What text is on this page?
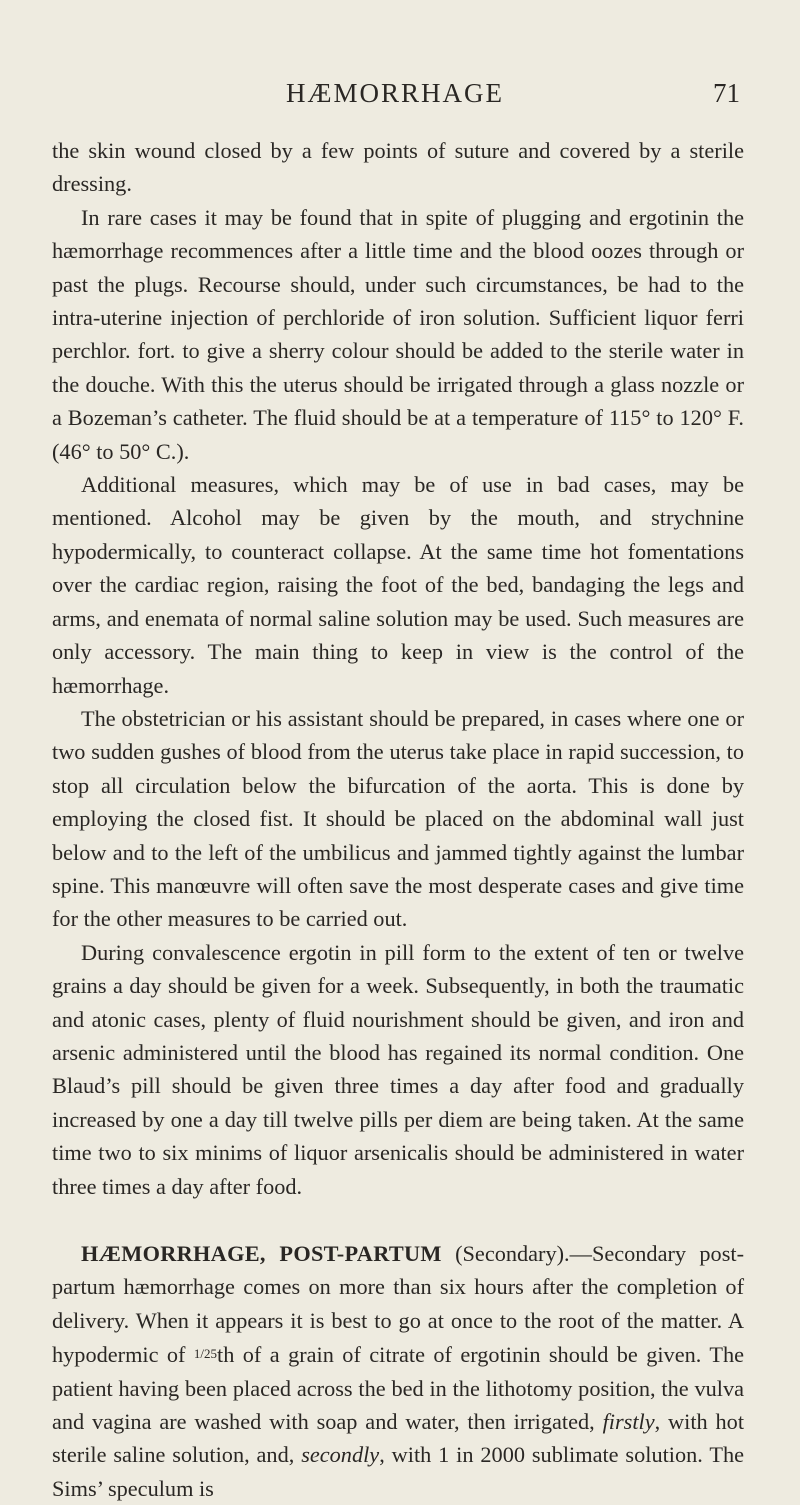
HÆMORRHAGE	71

the skin wound closed by a few points of suture and covered by a sterile dressing.

In rare cases it may be found that in spite of plugging and ergotinin the hæmorrhage recommences after a little time and the blood oozes through or past the plugs. Recourse should, under such circumstances, be had to the intra-uterine injection of perchloride of iron solution. Sufficient liquor ferri perchlor. fort. to give a sherry colour should be added to the sterile water in the douche. With this the uterus should be irrigated through a glass nozzle or a Bozeman’s catheter. The fluid should be at a temperature of 115° to 120° F. (46° to 50° C.).

Additional measures, which may be of use in bad cases, may be mentioned. Alcohol may be given by the mouth, and strychnine hypodermically, to counteract collapse. At the same time hot fomentations over the cardiac region, raising the foot of the bed, bandaging the legs and arms, and enemata of normal saline solution may be used. Such measures are only accessory. The main thing to keep in view is the control of the hæmorrhage.

The obstetrician or his assistant should be prepared, in cases where one or two sudden gushes of blood from the uterus take place in rapid succession, to stop all circulation below the bifurcation of the aorta. This is done by employing the closed fist. It should be placed on the abdominal wall just below and to the left of the umbilicus and jammed tightly against the lumbar spine. This manœuvre will often save the most desperate cases and give time for the other measures to be carried out.

During convalescence ergotin in pill form to the extent of ten or twelve grains a day should be given for a week. Subsequently, in both the traumatic and atonic cases, plenty of fluid nourishment should be given, and iron and arsenic administered until the blood has regained its normal condition. One Blaud’s pill should be given three times a day after food and gradually increased by one a day till twelve pills per diem are being taken. At the same time two to six minims of liquor arsenicalis should be administered in water three times a day after food.

HÆMORRHAGE, POST-PARTUM (Secondary).—Secondary post-partum hæmorrhage comes on more than six hours after the completion of delivery. When it appears it is best to go at once to the root of the matter. A hypodermic of 1/25th of a grain of citrate of ergotinin should be given. The patient having been placed across the bed in the lithotomy position, the vulva and vagina are washed with soap and water, then irrigated, firstly, with hot sterile saline solution, and, secondly, with 1 in 2000 sublimate solution. The Sims’ speculum is
